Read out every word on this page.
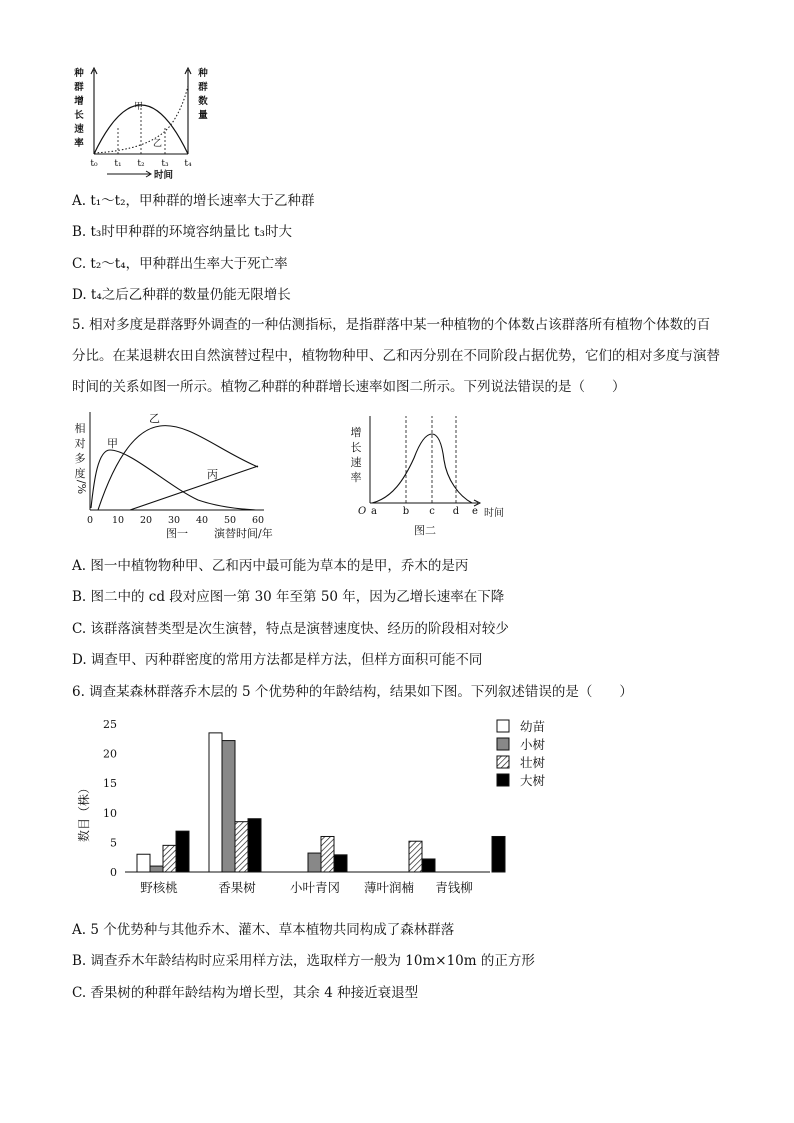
种
群
增
长
速
率
种
群
数
量
甲
乙
t₀ t₁ t₂ t₃ t₄
时间
A. t₁～t₂，甲种群的增长速率大于乙种群
B. t₃时甲种群的环境容纳量比 t₃时大
C. t₂～t₄，甲种群出生率大于死亡率
D. t₄之后乙种群的数量仍能无限增长
5. 相对多度是群落野外调查的一种估测指标，是指群落中某一种植物的个体数占该群落所有植物个体数的百分比。在某退耕农田自然演替过程中，植物物种甲、乙和丙分别在不同阶段占据优势，它们的相对多度与演替时间的关系如图一所示。植物乙种群的种群增长速率如图二所示。下列说法错误的是（　　）
相
对
多
度
/%
甲
乙
丙
0 10 20 30 40 50 60
图一 演替时间/年
增
长
速
率
O a	b c d e 时间
图二
A. 图一中植物物种甲、乙和丙中最可能为草本的是甲，乔木的是丙
B. 图二中的 cd 段对应图一第 30 年至第 50 年，因为乙增长速率在下降
C. 该群落演替类型是次生演替，特点是演替速度快、经历的阶段相对较少
D. 调查甲、丙种群密度的常用方法都是样方法，但样方面积可能不同
6. 调查某森林群落乔木层的 5 个优势种的年龄结构，结果如下图。下列叙述错误的是（　　）
数目（株）
0
5
10
15
20
25
野核桃	香果树	小叶青冈 薄叶润楠 青钱柳
幼苗
小树
壮树
大树
A. 5 个优势种与其他乔木、灌木、草本植物共同构成了森林群落
B. 调查乔木年龄结构时应采用样方法，选取样方一般为 10m×10m 的正方形
C. 香果树的种群年龄结构为增长型，其余 4 种接近衰退型
